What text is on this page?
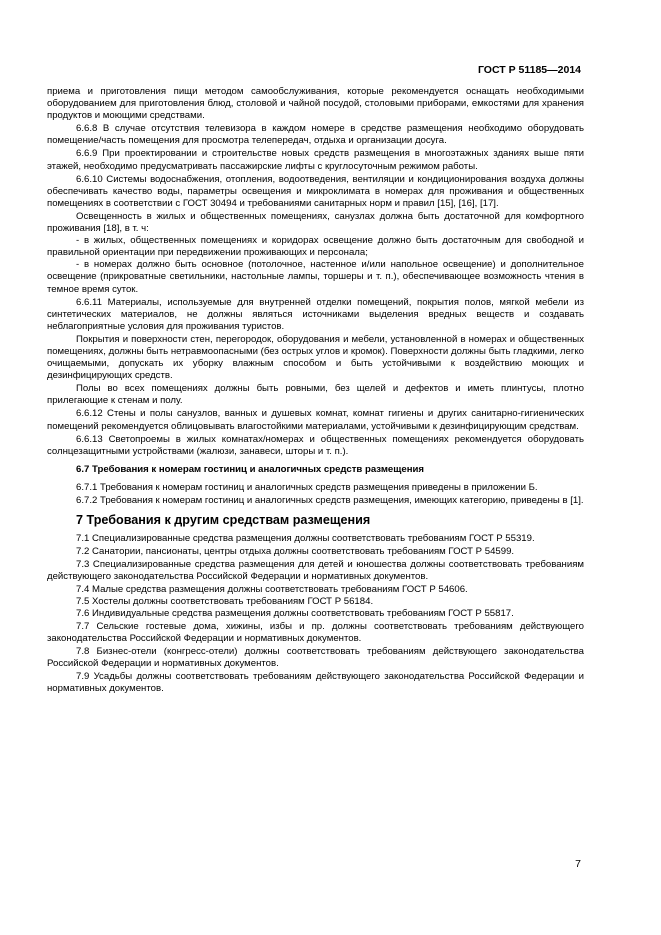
ГОСТ Р 51185—2014

приема и приготовления пищи методом самообслуживания, которые рекомендуется оснащать необходимыми оборудованием для приготовления блюд, столовой и чайной посудой, столовыми приборами, емкостями для хранения продуктов и моющими средствами.

6.6.8 В случае отсутствия телевизора в каждом номере в средстве размещения необходимо оборудовать помещение/часть помещения для просмотра телепередач, отдыха и организации досуга.

6.6.9 При проектировании и строительстве новых средств размещения в многоэтажных зданиях выше пяти этажей, необходимо предусматривать пассажирские лифты с круглосуточным режимом работы.

6.6.10 Системы водоснабжения, отопления, водоотведения, вентиляции и кондиционирования воздуха должны обеспечивать качество воды, параметры освещения и микроклимата в номерах для проживания и общественных помещениях в соответствии с ГОСТ 30494 и требованиями санитарных норм и правил [15], [16], [17].

Освещенность в жилых и общественных помещениях, санузлах должна быть достаточной для комфортного проживания [18], в т. ч:

- в жилых, общественных помещениях и коридорах освещение должно быть достаточным для свободной и правильной ориентации при передвижении проживающих и персонала;

- в номерах должно быть основное (потолочное, настенное и/или напольное освещение) и дополнительное освещение (прикроватные светильники, настольные лампы, торшеры и т. п.), обеспечивающее возможность чтения в темное время суток.

6.6.11 Материалы, используемые для внутренней отделки помещений, покрытия полов, мягкой мебели из синтетических материалов, не должны являться источниками выделения вредных веществ и создавать неблагоприятные условия для проживания туристов.

Покрытия и поверхности стен, перегородок, оборудования и мебели, установленной в номерах и общественных помещениях, должны быть нетравмоопасными (без острых углов и кромок). Поверхности должны быть гладкими, легко очищаемыми, допускать их уборку влажным способом и быть устойчивыми к воздействию моющих и дезинфицирующих средств.

Полы во всех помещениях должны быть ровными, без щелей и дефектов и иметь плинтусы, плотно прилегающие к стенам и полу.

6.6.12 Стены и полы санузлов, ванных и душевых комнат, комнат гигиены и других санитарно-гигиенических помещений рекомендуется облицовывать влагостойкими материалами, устойчивыми к дезинфицирующим средствам.

6.6.13 Светопроемы в жилых комнатах/номерах и общественных помещениях рекомендуется оборудовать солнцезащитными устройствами (жалюзи, занавеси, шторы и т. п.).

6.7 Требования к номерам гостиниц и аналогичных средств размещения

6.7.1 Требования к номерам гостиниц и аналогичных средств размещения приведены в приложении Б.

6.7.2 Требования к номерам гостиниц и аналогичных средств размещения, имеющих категорию, приведены в [1].

7 Требования к другим средствам размещения

7.1 Специализированные средства размещения должны соответствовать требованиям ГОСТ Р 55319.

7.2 Санатории, пансионаты, центры отдыха должны соответствовать требованиям ГОСТ Р 54599.

7.3 Специализированные средства размещения для детей и юношества должны соответствовать требованиям действующего законодательства Российской Федерации и нормативных документов.

7.4 Малые средства размещения должны соответствовать требованиям ГОСТ Р 54606.

7.5 Хостелы должны соответствовать требованиям ГОСТ Р 56184.

7.6 Индивидуальные средства размещения должны соответствовать требованиям ГОСТ Р 55817.

7.7 Сельские гостевые дома, хижины, избы и пр. должны соответствовать требованиям действующего законодательства Российской Федерации и нормативных документов.

7.8 Бизнес-отели (конгресс-отели) должны соответствовать требованиям действующего законодательства Российской Федерации и нормативных документов.

7.9 Усадьбы должны соответствовать требованиям действующего законодательства Российской Федерации и нормативных документов.

7
